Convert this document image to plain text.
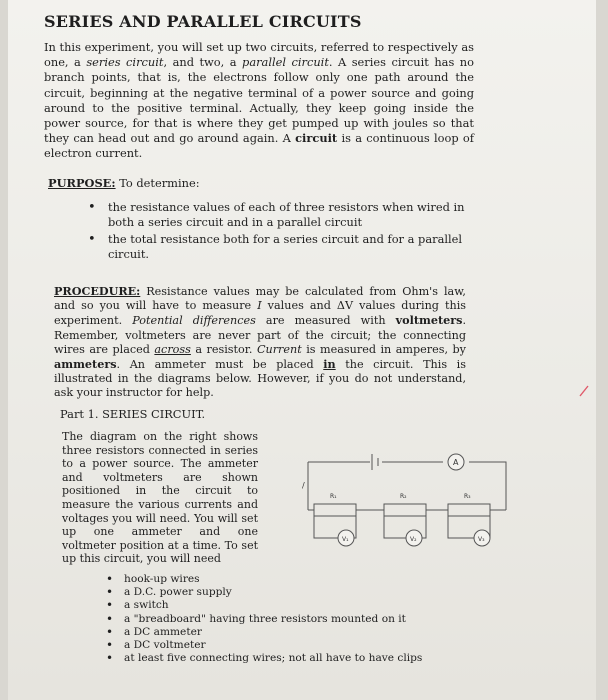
SERIES AND PARALLEL CIRCUITS

In this experiment, you will set up two circuits, referred to respectively as one, a series circuit, and two, a parallel circuit. A series circuit has no branch points, that is, the electrons follow only one path around the circuit, beginning at the negative terminal of a power source and going around to the positive terminal. Actually, they keep going inside the power source, for that is where they get pumped up with joules so that they can head out and go around again. A circuit is a continuous loop of electron current.

PURPOSE: To determine:
• the resistance values of each of three resistors when wired in both a series circuit and in a parallel circuit
• the total resistance both for a series circuit and for a parallel circuit.

PROCEDURE: Resistance values may be calculated from Ohm's law, and so you will have to measure I values and ΔV values during this experiment. Potential differences are measured with voltmeters. Remember, voltmeters are never part of the circuit; the connecting wires are placed across a resistor. Current is measured in amperes, by ammeters. An ammeter must be placed in the circuit. This is illustrated in the diagrams below. However, if you do not understand, ask your instructor for help.

Part 1. SERIES CIRCUIT.

The diagram on the right shows three resistors connected in series to a power source. The ammeter and voltmeters are shown positioned in the circuit to measure the various currents and voltages you will need. You will set up one ammeter and one voltmeter position at a time. To set up this circuit, you will need

• hook-up wires
• a D.C. power supply
• a switch
• a "breadboard" having three resistors mounted on it
• a DC ammeter
• a DC voltmeter
• at least five connecting wires; not all have to have clips
A
/
R₁	R₂	R₃
V₁	V₂	V₃
